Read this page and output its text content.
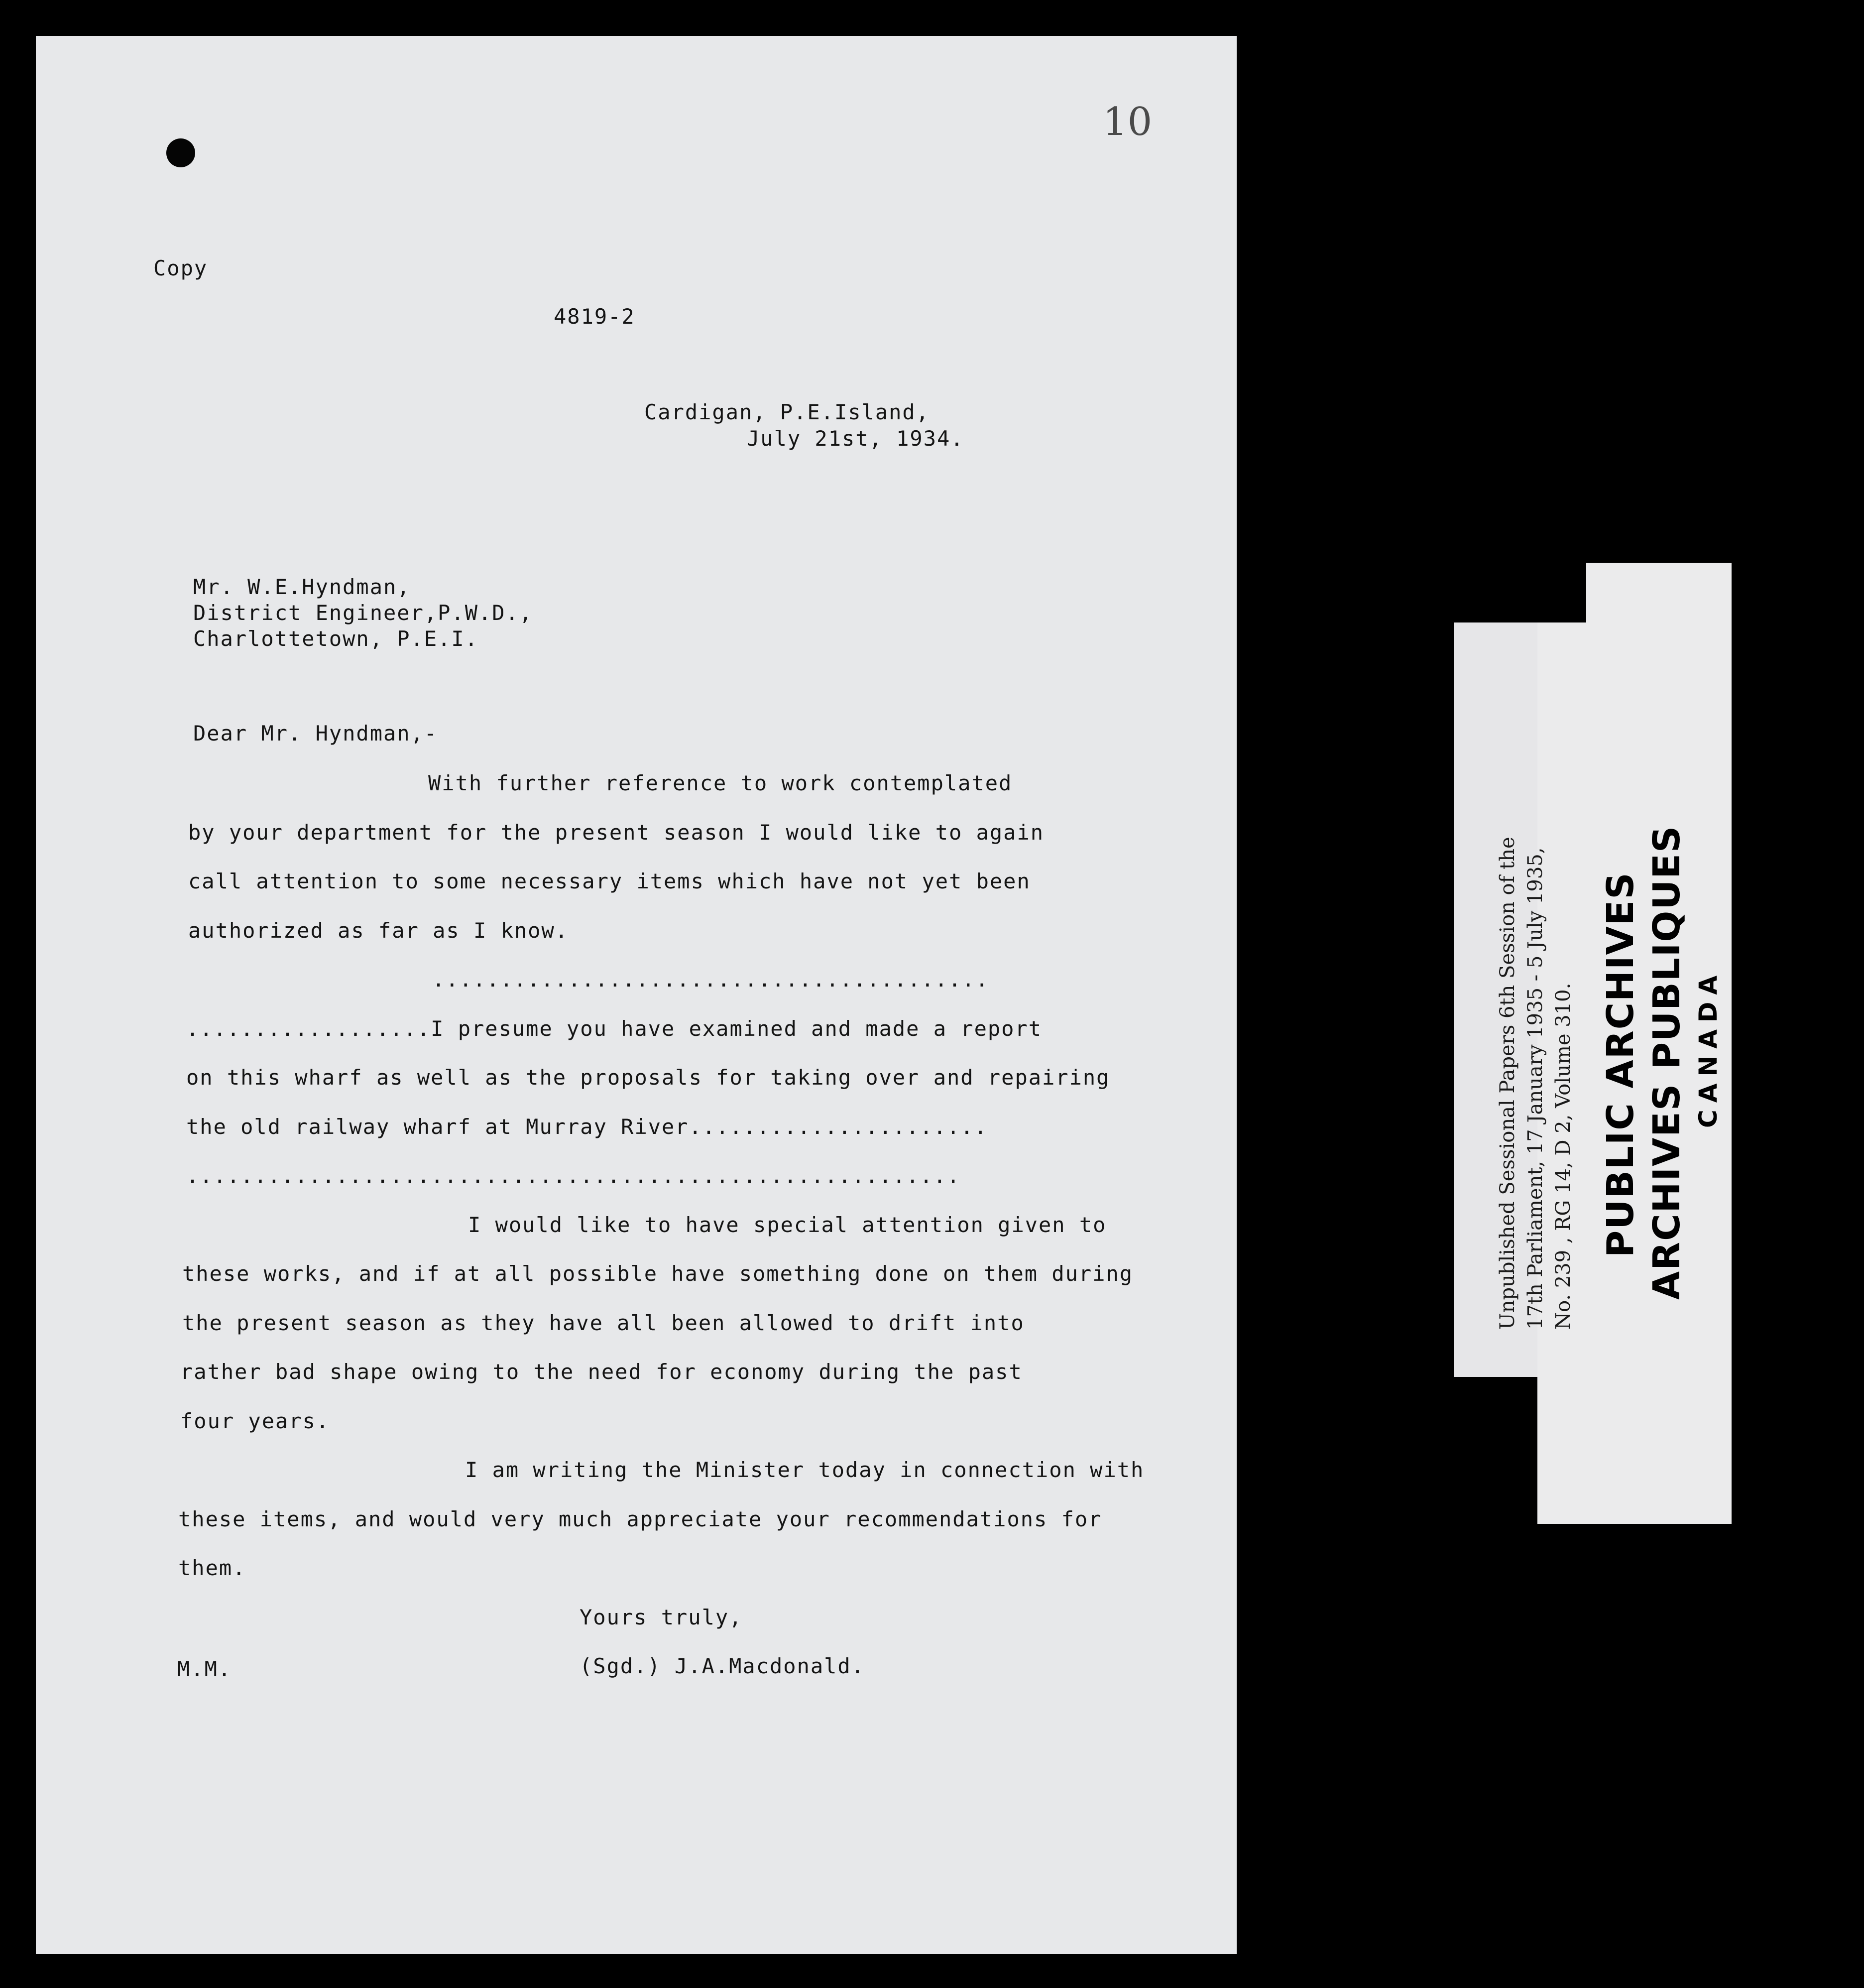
10
Copy
4819-2
Cardigan, P.E.Island,
July 21st, 1934.
Mr. W.E.Hyndman,
District Engineer,P.W.D.,
Charlottetown, P.E.I.
Dear Mr. Hyndman,-
With further reference to work contemplated
by your department for the present season I would like to again
call attention to some necessary items which have not yet been
authorized as far as I know.
.........................................
..................I presume you have examined and made a report
on this wharf as well as the proposals for taking over and repairing
the old railway wharf at Murray River......................
.........................................................
I would like to have special attention given to
these works, and if at all possible have something done on them during
the present season as they have all been allowed to drift into
rather bad shape owing to the need for economy during the past
four years.
I am writing the Minister today in connection with
these items, and would very much appreciate your recommendations for
them.
Yours truly,
M.M.	(Sgd.) J.A.Macdonald.
Unpublished Sessional Papers 6th Session of the 17th Parliament, 17 January 1935 - 5 July 1935, No. 239 , RG 14, D 2, Volume 310. PUBLIC ARCHIVES ARCHIVES PUBLIQUES CANADA
